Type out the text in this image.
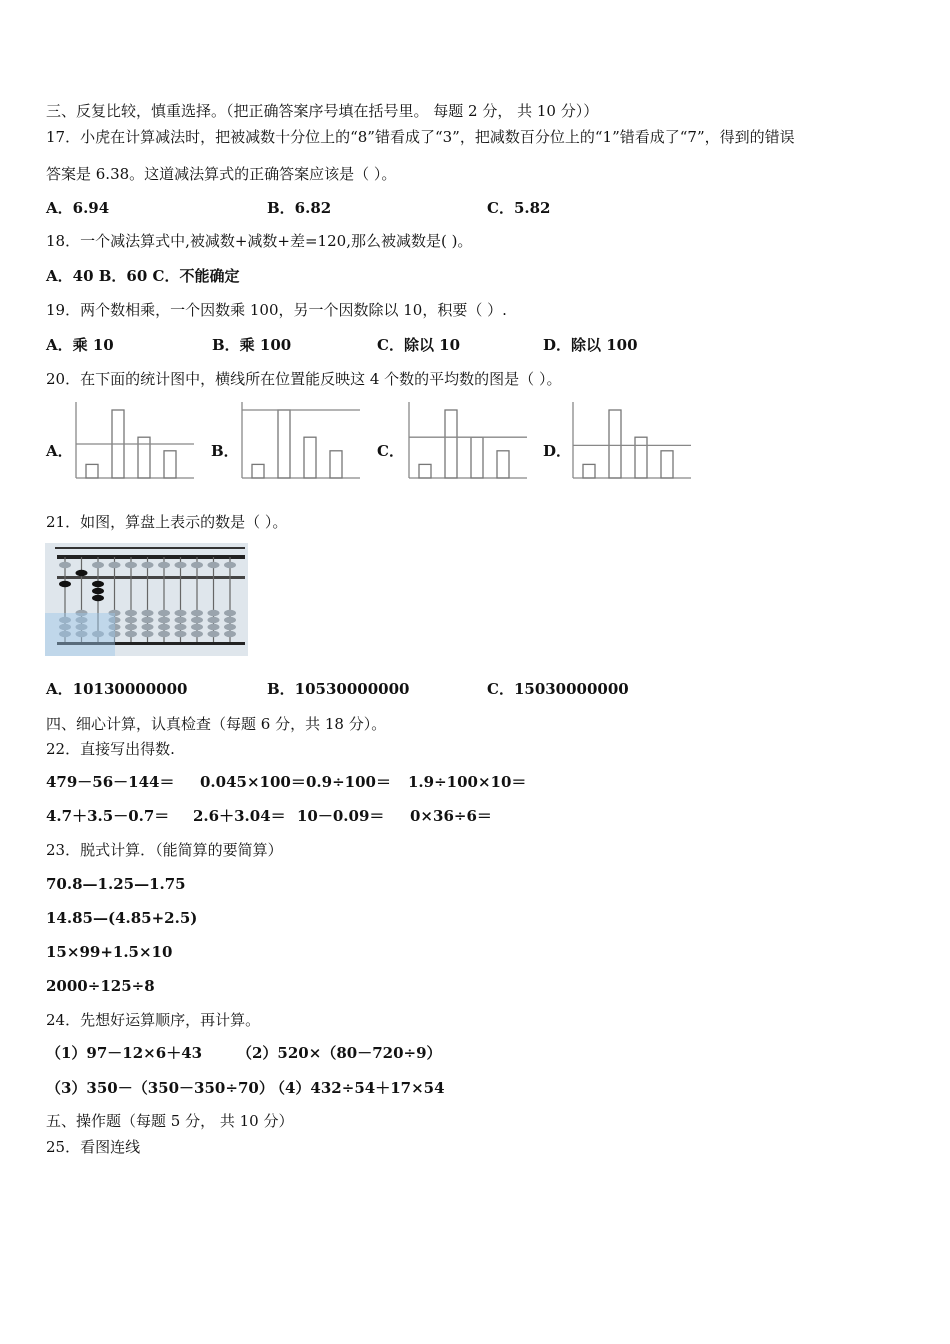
三、反复比较，慎重选择。（把正确答案序号填在括号里。 每题 2 分， 共 10 分））
17．小虎在计算减法时，把被减数十分位上的“8”错看成了“3”，把减数百分位上的“1”错看成了“7”，得到的错误
答案是 6.38。这道减法算式的正确答案应该是（ ）。
A．6.94	B．6.82	C．5.82
18．一个减法算式中,被减数+减数+差=120,那么被减数是( )。
A．40 B．60 C．不能确定
19．两个数相乘，一个因数乘 100，另一个因数除以 10，积要（ ）.
A．乘 10	B．乘 100	C．除以 10	D．除以 100
20．在下面的统计图中，横线所在位置能反映这 4 个数的平均数的图是（ ）。
A．	B．	C．	D．
21．如图，算盘上表示的数是（ ）。
A．10130000000	B．10530000000	C．15030000000
四、细心计算，认真检查（每题 6 分，共 18 分）。
22．直接写出得数.
479－56－144＝ 0.045×100＝ 0.9÷100＝ 1.9÷100×10＝
4.7＋3.5－0.7＝ 2.6＋3.04＝ 10－0.09＝ 0×36÷6＝
23．脱式计算．（能简算的要简算）
70.8—1.25—1.75
14.85—(4.85+2.5)
15×99+1.5×10
2000÷125÷8
24．先想好运算顺序，再计算。
（1）97－12×6＋43 （2）520×（80－720÷9）
（3）350－（350－350÷70）
（4）432÷54＋17×54
五、操作题（每题 5 分， 共 10 分）
25．看图连线
